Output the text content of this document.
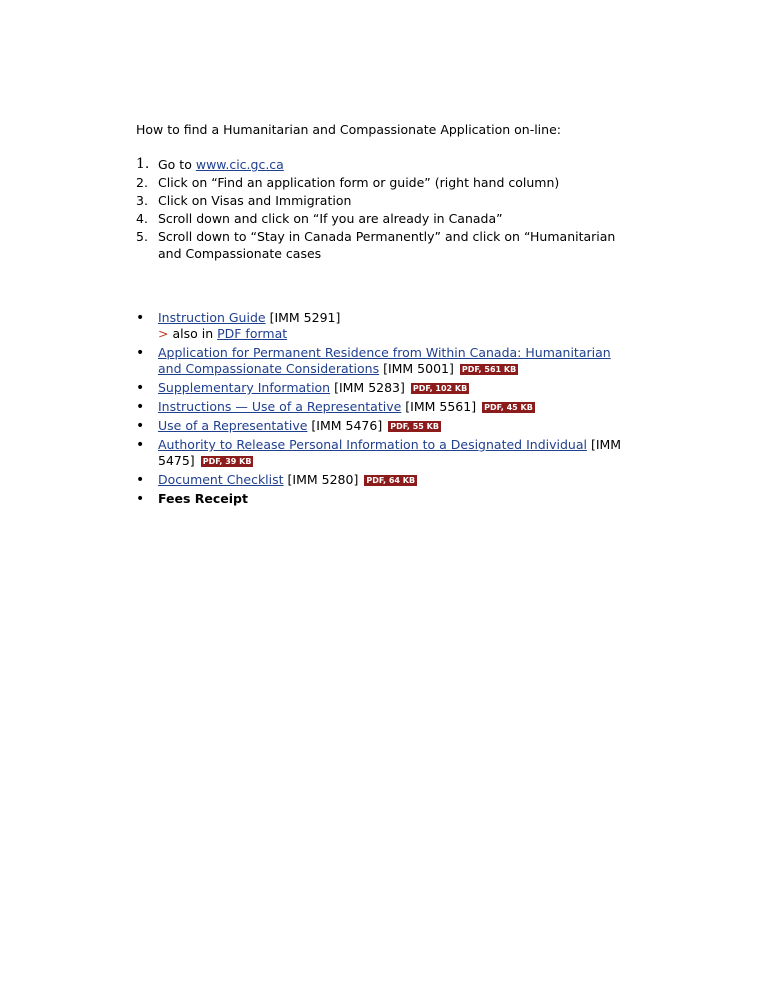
How to find a Humanitarian and Compassionate Application on-line:
1. Go to www.cic.gc.ca
2. Click on “Find an application form or guide” (right hand column)
3. Click on Visas and Immigration
4. Scroll down and click on “If you are already in Canada”
5. Scroll down to “Stay in Canada Permanently” and click on “Humanitarian and Compassionate cases
• Instruction Guide [IMM 5291]
> also in PDF format
• Application for Permanent Residence from Within Canada: Humanitarian and Compassionate Considerations [IMM 5001] PDF, 561 KB
• Supplementary Information [IMM 5283] PDF, 102 KB
• Instructions — Use of a Representative [IMM 5561] PDF, 45 KB
• Use of a Representative [IMM 5476] PDF, 55 KB
• Authority to Release Personal Information to a Designated Individual [IMM 5475] PDF, 39 KB
• Document Checklist [IMM 5280] PDF, 64 KB
• Fees Receipt
